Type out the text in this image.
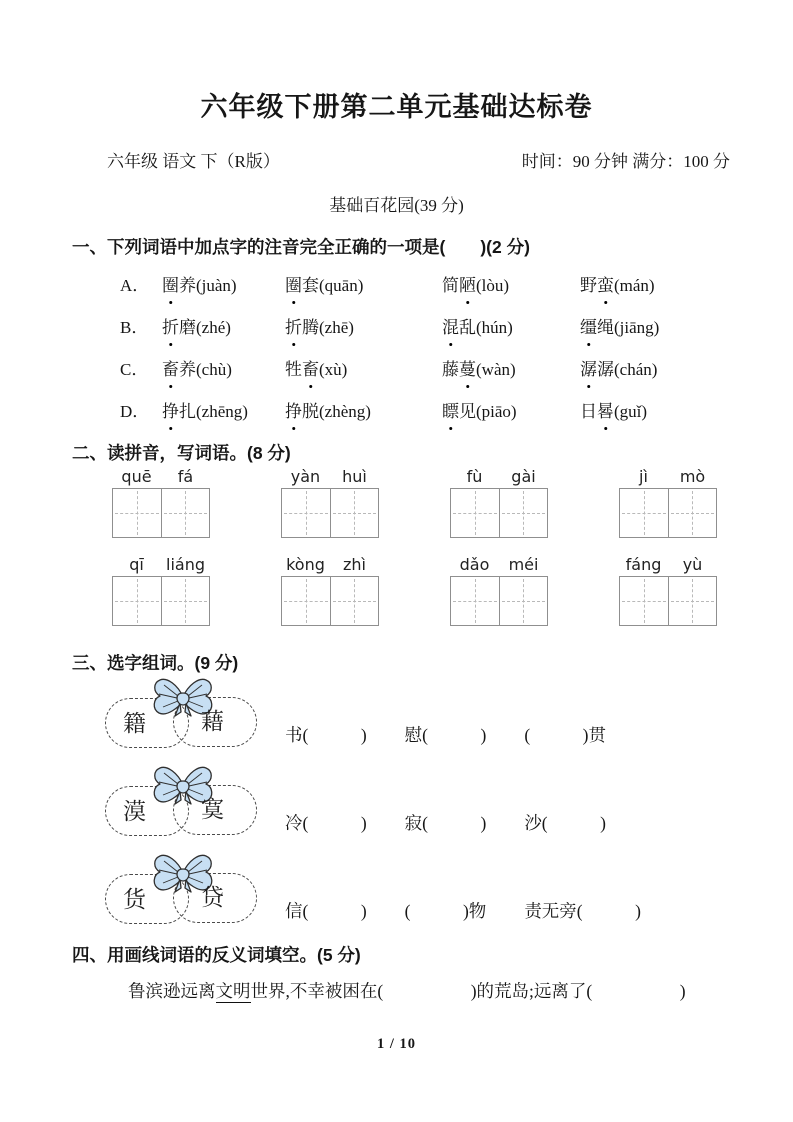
六年级下册第二单元基础达标卷
六年级 语文 下（R版）	时间：90 分钟 满分：100 分
基础百花园(39 分)
一、下列词语中加点字的注音完全正确的一项是(　　)(2 分)
A． 圈养(juàn)	圈套(quān)	简陋(lòu)	野蛮(mán)
B． 折磨(zhé)	折腾(zhē)	混乱(hún)	缰绳(jiāng)
C． 畜养(chù)	牲畜(xù)	藤蔓(wàn)	潺潺(chán)
D． 挣扎(zhēng)	挣脱(zhèng)	瞟见(piāo)	日晷(guǐ)
二、读拼音，写词语。(8 分)
quē	fá	yàn	huì	fù	gài	jì	mò
qī	liáng	kòng	zhì	dǎo	méi	fáng	yù
三、选字组词。(9 分)
籍 藉
书(　　　) 慰(　　　) (　　　)贯
漠 寞
冷(　　　) 寂(　　　) 沙(　　　)
货 贷
信(　　　) (　　　)物 责无旁(　　　)
四、用画线词语的反义词填空。(5 分)
鲁滨逊远离文明世界,不幸被困在(　　　　　)的荒岛;远离了(　　　　　)
1 / 10
